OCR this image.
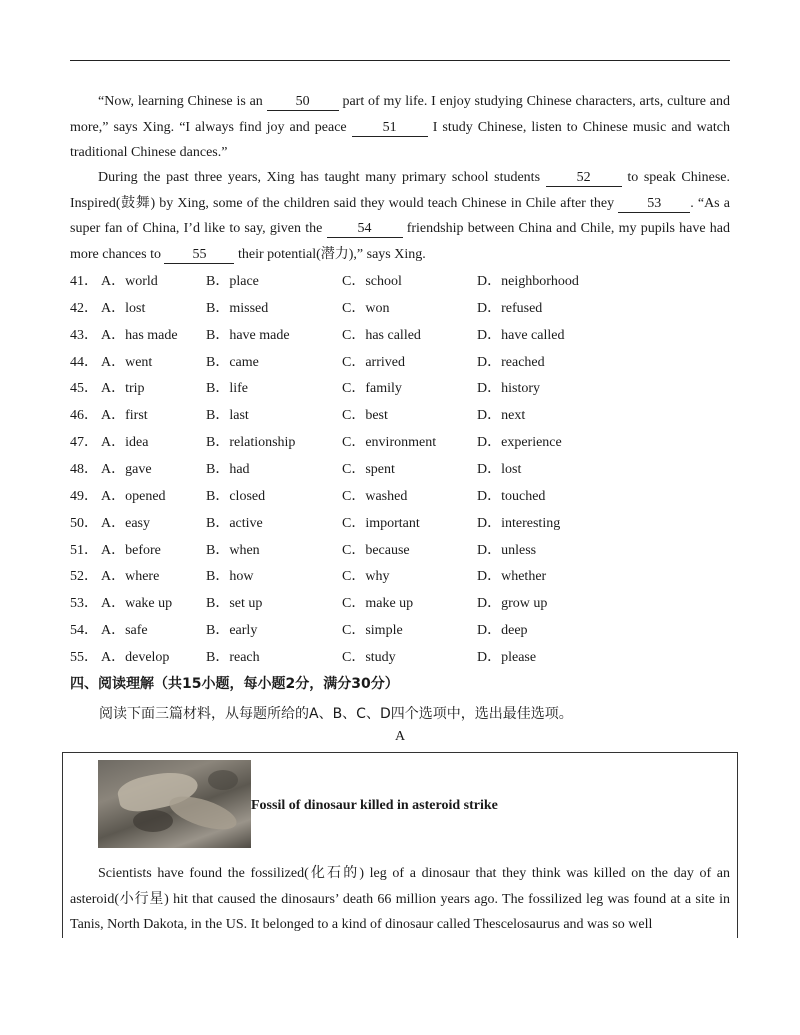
“Now, learning Chinese is an 50 part of my life. I enjoy studying Chinese characters, arts, culture and more,” says Xing. “I always find joy and peace 51 I study Chinese, listen to Chinese music and watch traditional Chinese dances.”
During the past three years, Xing has taught many primary school students 52 to speak Chinese. Inspired(鼓舞) by Xing, some of the children said they would teach Chinese in Chile after they 53 . “As a super fan of China, I’d like to say, given the 54 friendship between China and Chile, my pupils have had more chances to 55 their potential(潜力),” says Xing.
41． A．world	B．place	C．school	D．neighborhood
42． A．lost	B．missed	C．won	D．refused
43． A．has made B．have made	C．has called	D．have called
44． A．went	B．came	C．arrived	D．reached
45． A．trip	B．life	C．family	D．history
46． A．first	B．last	C．best	D．next
47． A．idea	B．relationship	C．environment	D．experience
48． A．gave	B．had	C．spent	D．lost
49． A．opened	B．closed	C．washed	D．touched
50． A．easy	B．active	C．important	D．interesting
51． A．before	B．when	C．because	D．unless
52． A．where	B．how	C．why	D．whether
53． A．wake up B．set up	C．make up	D．grow up
54． A．safe	B．early	C．simple	D．deep
55． A．develop	B．reach	C．study	D．please
四、阅读理解（共15小题，每小题2分，满分30分）
阅读下面三篇材料，从每题所给的A、B、C、D四个选项中，选出最佳选项。
A
Fossil of dinosaur killed in asteroid strike
Scientists have found the fossilized(化石的) leg of a dinosaur that they think was killed on the day of an asteroid(小行星) hit that caused the dinosaurs’ death 66 million years ago. The fossilized leg was found at a site in Tanis, North Dakota, in the US. It belonged to a kind of dinosaur called Thescelosaurus and was so well
